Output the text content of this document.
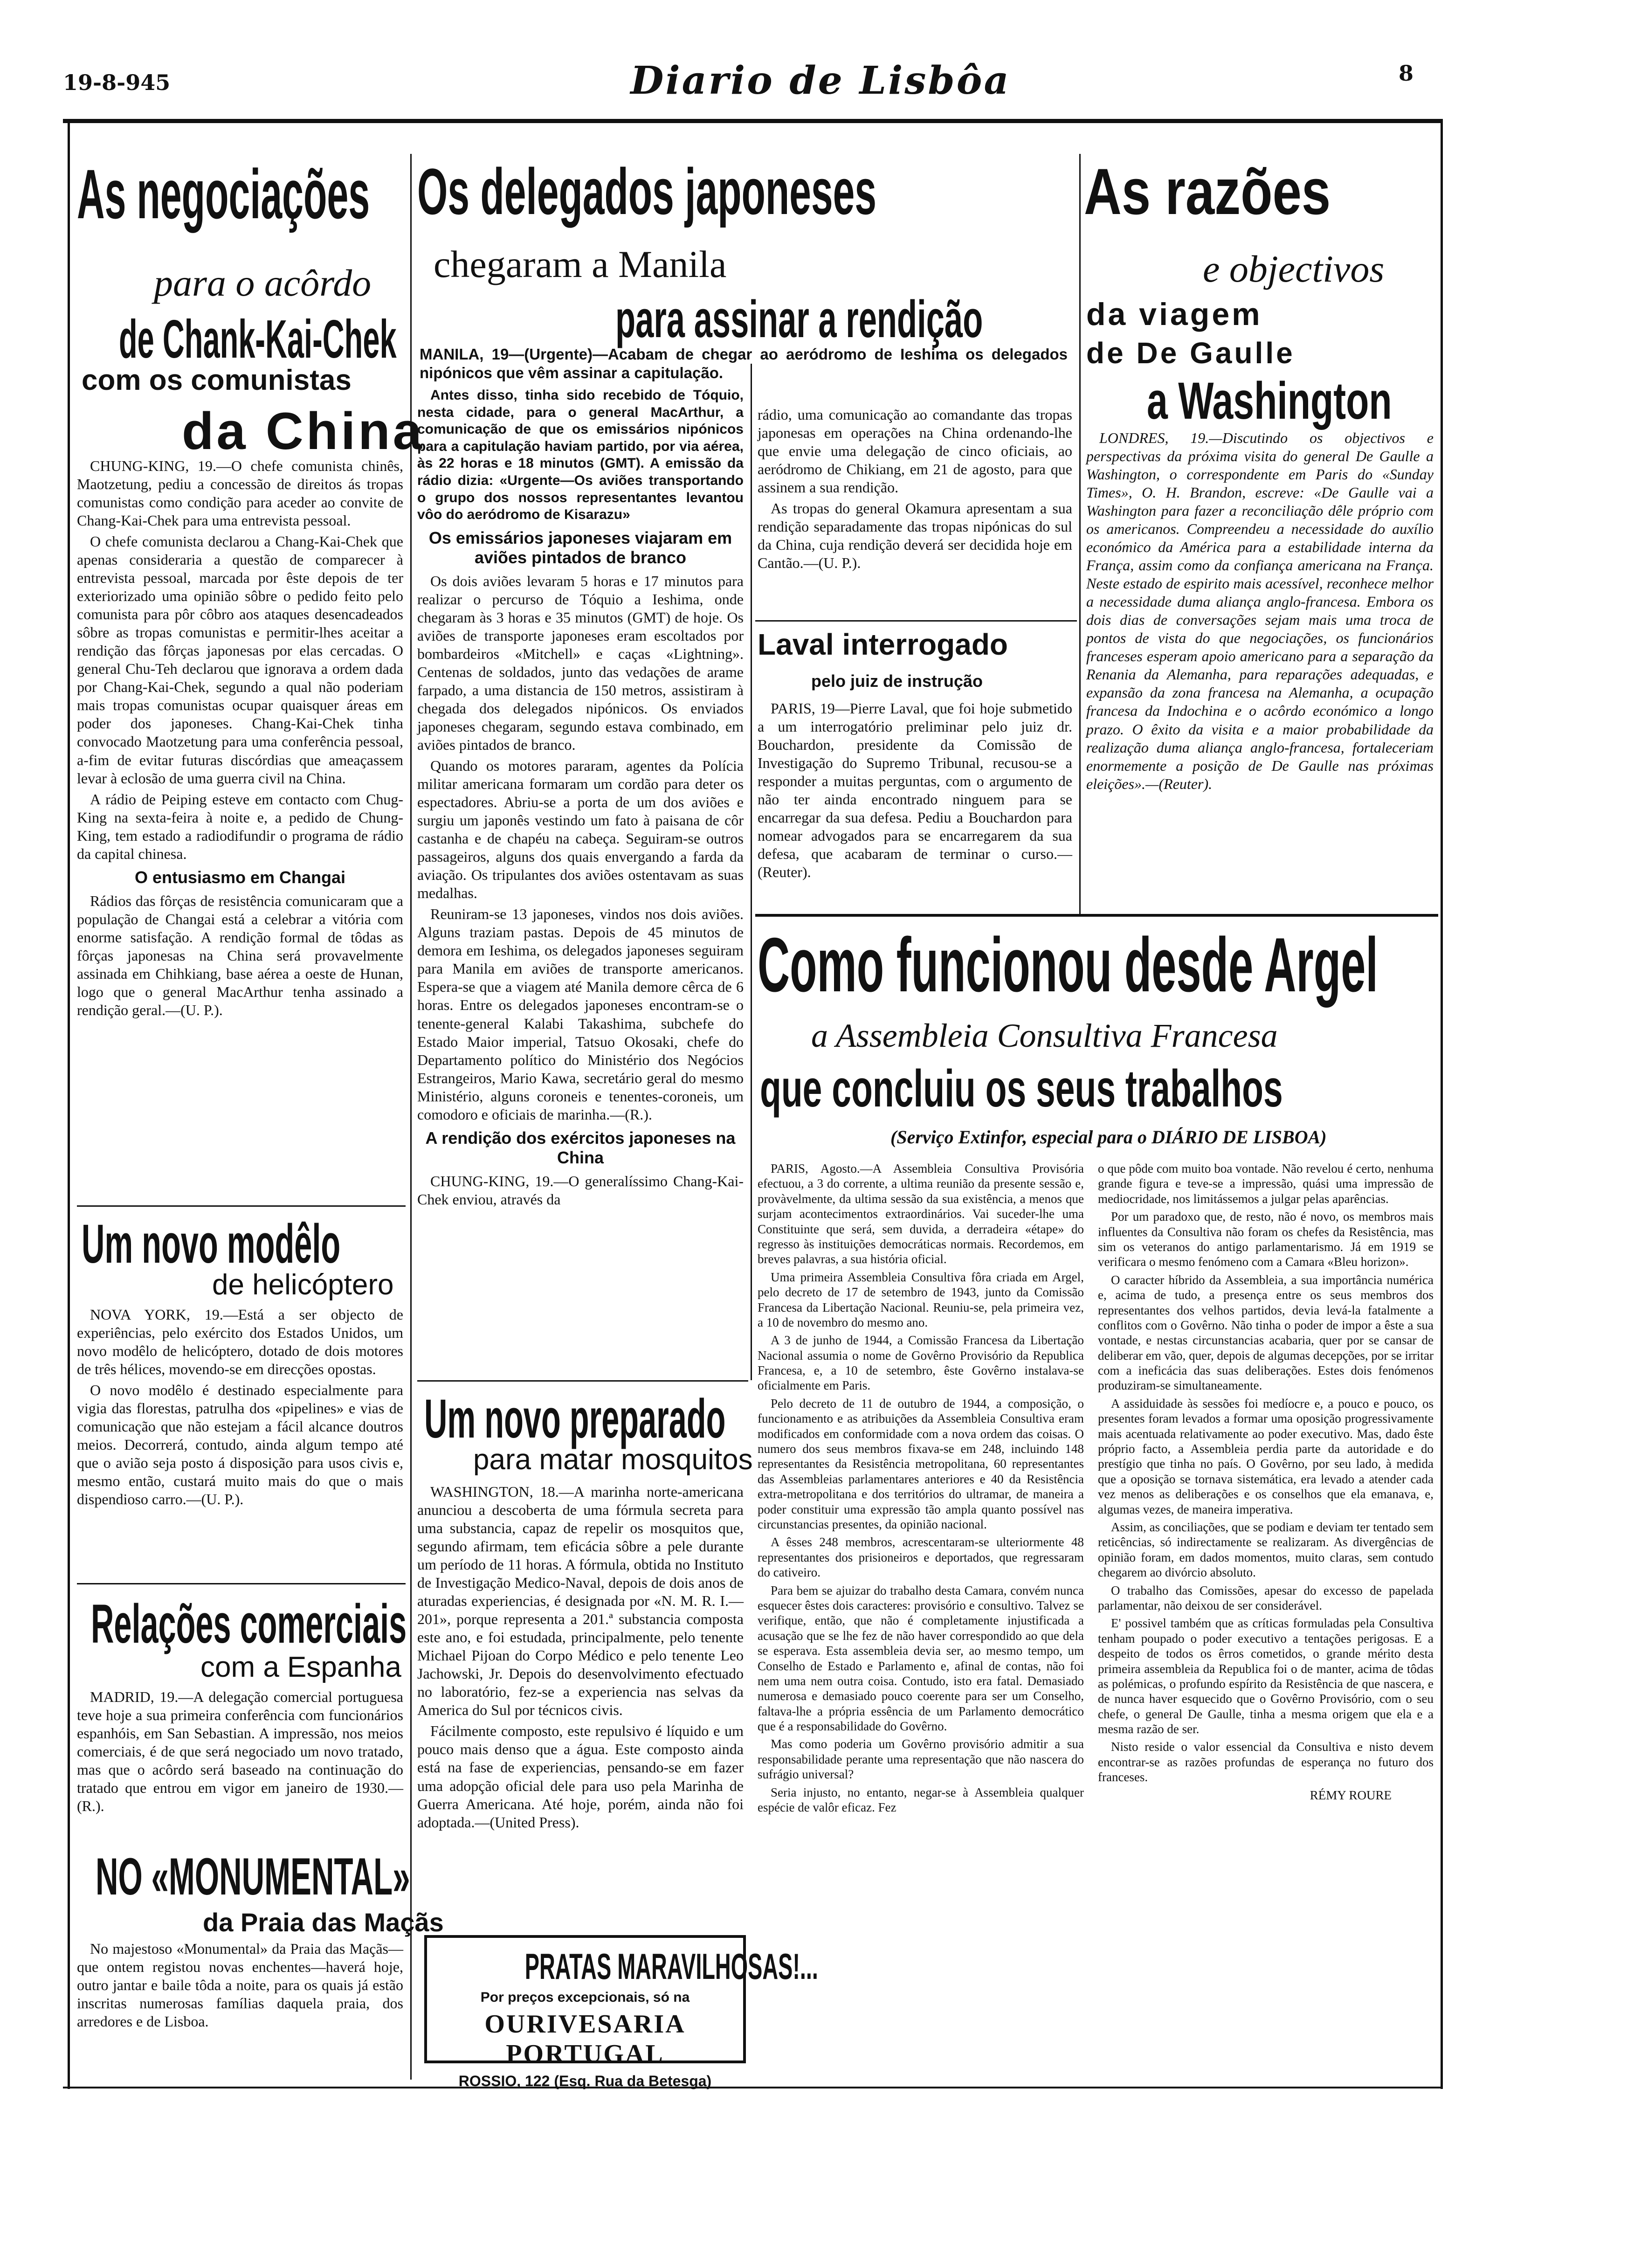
19-8-945	Diario de Lisbôa	8
As negociações
para o acôrdo
de Chank-Kai-Chek
com os comunistas
da China

CHUNG-KING, 19.—O chefe comunista chinês, Maotzetung, pediu a concessão de direitos ás tropas comunistas como condição para aceder ao convite de Chang-Kai-Chek para uma entrevista pessoal.

O chefe comunista declarou a Chang-Kai-Chek que apenas consideraria a questão de comparecer à entrevista pessoal, marcada por êste depois de ter exteriorizado uma opinião sôbre o pedido feito pelo comunista para pôr côbro aos ataques desencadeados sôbre as tropas comunistas e permitir-lhes aceitar a rendição das fôrças japonesas por elas cercadas. O general Chu-Teh declarou que ignorava a ordem dada por Chang-Kai-Chek, segundo a qual não poderiam mais tropas comunistas ocupar quaisquer áreas em poder dos japoneses. Chang-Kai-Chek tinha convocado Maotzetung para uma conferência pessoal, a-fim de evitar futuras discórdias que ameaçassem levar à eclosão de uma guerra civil na China.

A rádio de Peiping esteve em contacto com Chug-King na sexta-feira à noite e, a pedido de Chung-King, tem estado a radiodifundir o programa de rádio da capital chinesa.

O entusiasmo em Changai

Rádios das fôrças de resistência comunicaram que a população de Changai está a celebrar a vitória com enorme satisfação. A rendição formal de tôdas as fôrças japonesas na China será provavelmente assinada em Chihkiang, base aérea a oeste de Hunan, logo que o general MacArthur tenha assinado a rendição geral.—(U. P.).

Um novo modêlo
de helicóptero

NOVA YORK, 19.—Está a ser objecto de experiências, pelo exército dos Estados Unidos, um novo modêlo de helicóptero, dotado de dois motores de três hélices, movendo-se em direcções opostas.

O novo modêlo é destinado especialmente para vigia das florestas, patrulha dos «pipelines» e vias de comunicação que não estejam a fácil alcance doutros meios. Decorrerá, contudo, ainda algum tempo até que o avião seja posto á disposição para usos civis e, mesmo então, custará muito mais do que o mais dispendioso carro.—(U. P.).

Relações comerciais
com a Espanha

MADRID, 19.—A delegação comercial portuguesa teve hoje a sua primeira conferência com funcionários espanhóis, em San Sebastian. A impressão, nos meios comerciais, é de que será negociado um novo tratado, mas que o acôrdo será baseado na continuação do tratado que entrou em vigor em janeiro de 1930.—(R.).

NO «MONUMENTAL»
da Praia das Maçãs

No majestoso «Monumental» da Praia das Maçãs—que ontem registou novas enchentes—haverá hoje, outro jantar e baile tôda a noite, para os quais já estão inscritas numerosas famílias daquela praia, dos arredores e de Lisboa.

Os delegados japoneses
chegaram a Manila
para assinar a rendição
MANILA, 19—(Urgente)—Acabam de chegar ao aeródromo de Ieshima os delegados nipónicos que vêm assinar a capitulação.

Antes disso, tinha sido recebido de Tóquio, nesta cidade, para o general MacArthur, a comunicação de que os emissários nipónicos para a capitulação haviam partido, por via aérea, às 22 horas e 18 minutos (GMT). A emissão da rádio dizia: «Urgente—Os aviões transportando o grupo dos nossos representantes levantou vôo do aeródromo de Kisarazu»

Os emissários japoneses viajaram em aviões pintados de branco

Os dois aviões levaram 5 horas e 17 minutos para realizar o percurso de Tóquio a Ieshima, onde chegaram às 3 horas e 35 minutos (GMT) de hoje. Os aviões de transporte japoneses eram escoltados por bombardeiros «Mitchell» e caças «Lightning». Centenas de soldados, junto das vedações de arame farpado, a uma distancia de 150 metros, assistiram à chegada dos delegados nipónicos. Os enviados japoneses chegaram, segundo estava combinado, em aviões pintados de branco.

Quando os motores pararam, agentes da Polícia militar americana formaram um cordão para deter os espectadores. Abriu-se a porta de um dos aviões e surgiu um japonês vestindo um fato à paisana de côr castanha e de chapéu na cabeça. Seguiram-se outros passageiros, alguns dos quais envergando a farda da aviação. Os tripulantes dos aviões ostentavam as suas medalhas.

Reuniram-se 13 japoneses, vindos nos dois aviões. Alguns traziam pastas. Depois de 45 minutos de demora em Ieshima, os delegados japoneses seguiram para Manila em aviões de transporte americanos. Espera-se que a viagem até Manila demore cêrca de 6 horas. Entre os delegados japoneses encontram-se o tenente-general Kalabi Takashima, subchefe do Estado Maior imperial, Tatsuo Okosaki, chefe do Departamento político do Ministério dos Negócios Estrangeiros, Mario Kawa, secretário geral do mesmo Ministério, alguns coroneis e tenentes-coroneis, um comodoro e oficiais de marinha.—(R.).

A rendição dos exércitos japoneses na China

CHUNG-KING, 19.—O generalíssimo Chang-Kai-Chek enviou, através da

rádio, uma comunicação ao comandante das tropas japonesas em operações na China ordenando-lhe que envie uma delegação de cinco oficiais, ao aeródromo de Chikiang, em 21 de agosto, para que assinem a sua rendição.

As tropas do general Okamura apresentam a sua rendição separadamente das tropas nipónicas do sul da China, cuja rendição deverá ser decidida hoje em Cantão.—(U. P.).

Laval interrogado
pelo juiz de instrução

PARIS, 19—Pierre Laval, que foi hoje submetido a um interrogatório preliminar pelo juiz dr. Bouchardon, presidente da Comissão de Investigação do Supremo Tribunal, recusou-se a responder a muitas perguntas, com o argumento de não ter ainda encontrado ninguem para se encarregar da sua defesa. Pediu a Bouchardon para nomear advogados para se encarregarem da sua defesa, que acabaram de terminar o curso.—(Reuter).

Um novo preparado
para matar mosquitos

WASHINGTON, 18.—A marinha norte-americana anunciou a descoberta de uma fórmula secreta para uma substancia, capaz de repelir os mosquitos que, segundo afirmam, tem eficácia sôbre a pele durante um período de 11 horas. A fórmula, obtida no Instituto de Investigação Medico-Naval, depois de dois anos de aturadas experiencias, é designada por «N. M. R. I.—201», porque representa a 201.ª substancia composta este ano, e foi estudada, principalmente, pelo tenente Michael Pijoan do Corpo Médico e pelo tenente Leo Jachowski, Jr. Depois do desenvolvimento efectuado no laboratório, fez-se a experiencia nas selvas da America do Sul por técnicos civis.

Fácilmente composto, este repulsivo é líquido e um pouco mais denso que a água. Este composto ainda está na fase de experiencias, pensando-se em fazer uma adopção oficial dele para uso pela Marinha de Guerra Americana. Até hoje, porém, ainda não foi adoptada.—(United Press).

PRATAS MARAVILHOSAS!...
Por preços excepcionais, só na
OURIVESARIA PORTUGAL
ROSSIO, 122 (Esq. Rua da Betesga)
As razões
e objectivos
da viagem
de De Gaulle
a Washington

LONDRES, 19.—Discutindo os objectivos e perspectivas da próxima visita do general De Gaulle a Washington, o correspondente em Paris do «Sunday Times», O. H. Brandon, escreve: «De Gaulle vai a Washington para fazer a reconciliação dêle próprio com os americanos. Compreendeu a necessidade do auxílio económico da América para a estabilidade interna da França, assim como da confiança americana na França. Neste estado de espirito mais acessível, reconhece melhor a necessidade duma aliança anglo-francesa. Embora os dois dias de conversações sejam mais uma troca de pontos de vista do que negociações, os funcionários franceses esperam apoio americano para a separação da Renania da Alemanha, para reparações adequadas, e expansão da zona francesa na Alemanha, a ocupação francesa da Indochina e o acôrdo económico a longo prazo. O êxito da visita e a maior probabilidade da realização duma aliança anglo-francesa, fortaleceriam enormemente a posição de De Gaulle nas próximas eleições».—(Reuter).

Como funcionou desde Argel
a Assembleia Consultiva Francesa
que concluiu os seus trabalhos
(Serviço Extinfor, especial para o DIÁRIO DE LISBOA)

PARIS, Agosto.—A Assembleia Consultiva Provisória efectuou, a 3 do corrente, a ultima reunião da presente sessão e, provàvelmente, da ultima sessão da sua existência, a menos que surjam acontecimentos extraordinários. Vai suceder-lhe uma Constituinte que será, sem duvida, a derradeira «étape» do regresso às instituições democráticas normais. Recordemos, em breves palavras, a sua história oficial.

Uma primeira Assembleia Consultiva fôra criada em Argel, pelo decreto de 17 de setembro de 1943, junto da Comissão Francesa da Libertação Nacional. Reuniu-se, pela primeira vez, a 10 de novembro do mesmo ano.

A 3 de junho de 1944, a Comissão Francesa da Libertação Nacional assumia o nome de Govêrno Provisório da Republica Francesa, e, a 10 de setembro, êste Govêrno instalava-se oficialmente em Paris.

Pelo decreto de 11 de outubro de 1944, a composição, o funcionamento e as atribuições da Assembleia Consultiva eram modificados em conformidade com a nova ordem das coisas. O numero dos seus membros fixava-se em 248, incluindo 148 representantes da Resistência metropolitana, 60 representantes das Assembleias parlamentares anteriores e 40 da Resistência extra-metropolitana e dos territórios do ultramar, de maneira a poder constituir uma expressão tão ampla quanto possível nas circunstancias presentes, da opinião nacional.

A êsses 248 membros, acrescentaram-se ulteriormente 48 representantes dos prisioneiros e deportados, que regressaram do cativeiro.

Para bem se ajuizar do trabalho desta Camara, convém nunca esquecer êstes dois caracteres: provisório e consultivo. Talvez se verifique, então, que não é completamente injustificada a acusação que se lhe fez de não haver correspondido ao que dela se esperava. Esta assembleia devia ser, ao mesmo tempo, um Conselho de Estado e Parlamento e, afinal de contas, não foi nem uma nem outra coisa. Contudo, isto era fatal. Demasiado numerosa e demasiado pouco coerente para ser um Conselho, faltava-lhe a própria essência de um Parlamento democrático que é a responsabilidade do Govêrno.

Mas como poderia um Govêrno provisório admitir a sua responsabilidade perante uma representação que não nascera do sufrágio universal?

Seria injusto, no entanto, negar-se à Assembleia qualquer espécie de valôr eficaz. Fez

o que pôde com muito boa vontade. Não revelou é certo, nenhuma grande figura e teve-se a impressão, quási uma impressão de mediocridade, nos limitássemos a julgar pelas aparências.

Por um paradoxo que, de resto, não é novo, os membros mais influentes da Consultiva não foram os chefes da Resistência, mas sim os veteranos do antigo parlamentarismo. Já em 1919 se verificara o mesmo fenómeno com a Camara «Bleu horizon».

O caracter híbrido da Assembleia, a sua importância numérica e, acima de tudo, a presença entre os seus membros dos representantes dos velhos partidos, devia levá-la fatalmente a conflitos com o Govêrno. Não tinha o poder de impor a êste a sua vontade, e nestas circunstancias acabaria, quer por se cansar de deliberar em vão, quer, depois de algumas decepções, por se irritar com a ineficácia das suas deliberações. Estes dois fenómenos produziram-se simultaneamente.

A assiduidade às sessões foi medíocre e, a pouco e pouco, os presentes foram levados a formar uma oposição progressivamente mais acentuada relativamente ao poder executivo. Mas, dado êste próprio facto, a Assembleia perdia parte da autoridade e do prestígio que tinha no país. O Govêrno, por seu lado, à medida que a oposição se tornava sistemática, era levado a atender cada vez menos as deliberações e os conselhos que ela emanava, e, algumas vezes, de maneira imperativa.

Assim, as conciliações, que se podiam e deviam ter tentado sem reticências, só indirectamente se realizaram. As divergências de opinião foram, em dados momentos, muito claras, sem contudo chegarem ao divórcio absoluto.

O trabalho das Comissões, apesar do excesso de papelada parlamentar, não deixou de ser considerável.

E' possivel também que as críticas formuladas pela Consultiva tenham poupado o poder executivo a tentações perigosas. E a despeito de todos os êrros cometidos, o grande mérito desta primeira assembleia da Republica foi o de manter, acima de tôdas as polémicas, o profundo espírito da Resistência de que nascera, e de nunca haver esquecido que o Govêrno Provisório, com o seu chefe, o general De Gaulle, tinha a mesma origem que ela e a mesma razão de ser.

Nisto reside o valor essencial da Consultiva e nisto devem encontrar-se as razões profundas de esperança no futuro dos franceses.

RÉMY ROURE
